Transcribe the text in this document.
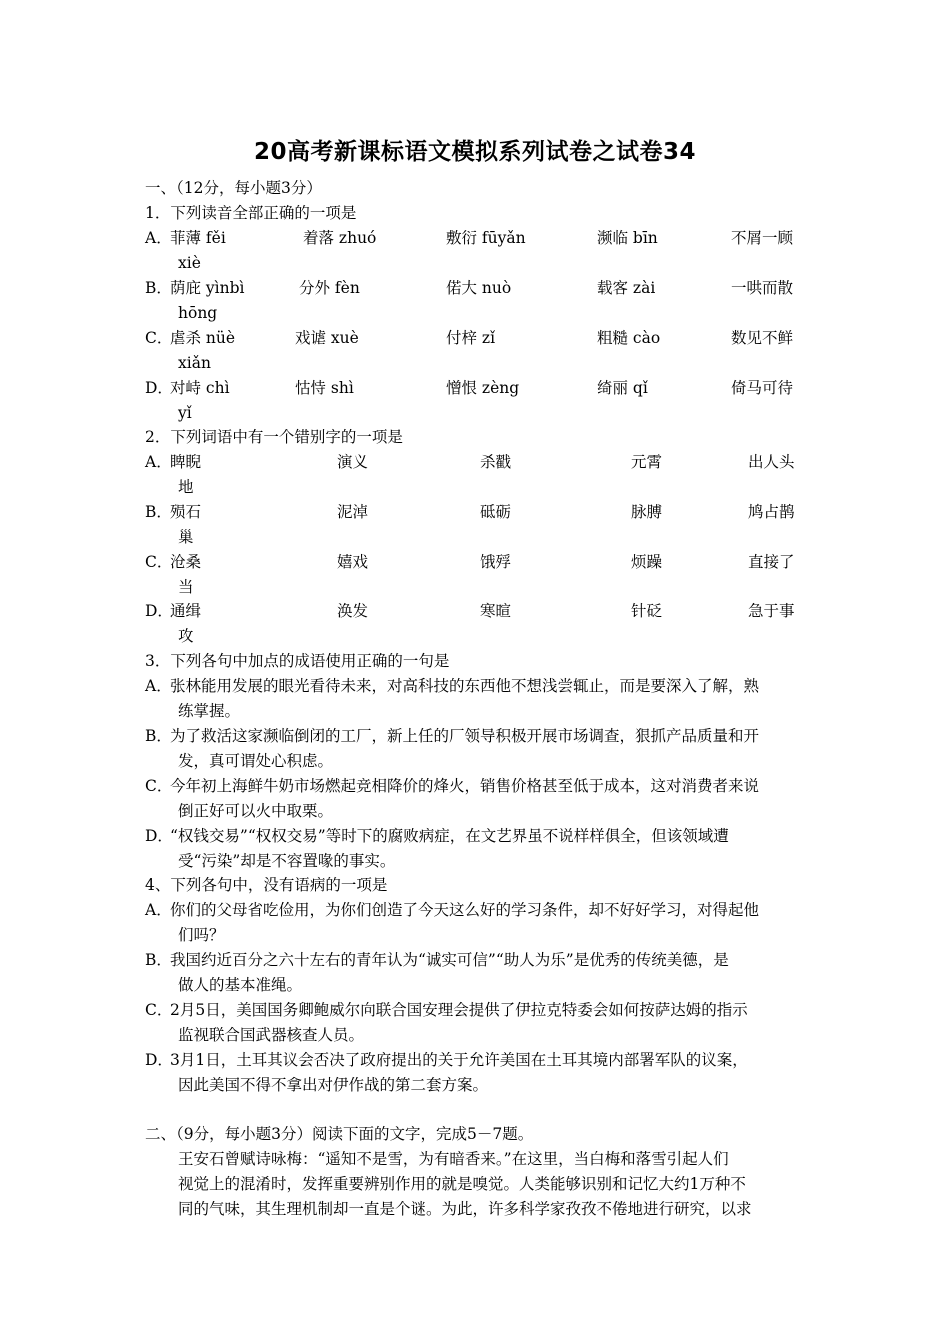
20高考新课标语文模拟系列试卷之试卷34
一、（12分，每小题3分）
1．下列读音全部正确的一项是
A．
菲薄 fěi	着落 zhuó	敷衍 fūyǎn	濒临 bīn	不屑一顾
xiè
B．
荫庇 yìnbì	分外 fèn	偌大 nuò	载客 zài	一哄而散
hōng
C．
虐杀 nüè	戏谑 xuè	付梓 zǐ	粗糙 cào	数见不鲜
xiǎn
D．
对峙 chì	怙恃 shì	憎恨 zèng	绮丽 qǐ	倚马可待
yǐ
2．下列词语中有一个错别字的一项是
A．
睥睨	演义	杀戳	元霄	出人头
地
B．
殒石	泥淖	砥砺	脉膊	鸠占鹊
巢
C．
沧桑	嬉戏	饿殍	烦躁	直接了
当
D．
通缉	涣发	寒暄	针砭	急于事
攻
3．下列各句中加点的成语使用正确的一句是
A．
张林能用发展的眼光看待未来，对高科技的东西他不想浅尝辄止，而是要深入了解，熟
练掌握。
B．
为了救活这家濒临倒闭的工厂，新上任的厂领导积极开展市场调查，狠抓产品质量和开
发，真可谓处心积虑。
C．
今年初上海鲜牛奶市场燃起竞相降价的烽火，销售价格甚至低于成本，这对消费者来说
倒正好可以火中取栗。
D．
“权钱交易”“权权交易”等时下的腐败病症，在文艺界虽不说样样俱全，但该领域遭
受“污染”却是不容置喙的事实。
4、下列各句中，没有语病的一项是
A．
你们的父母省吃俭用，为你们创造了今天这么好的学习条件，却不好好学习，对得起他
们吗？
B．
我国约近百分之六十左右的青年认为“诚实可信”“助人为乐”是优秀的传统美德，是
做人的基本准绳。
C．
2月5日，美国国务卿鲍威尔向联合国安理会提供了伊拉克特委会如何按萨达姆的指示
监视联合国武器核查人员。
D．
3月1日，土耳其议会否决了政府提出的关于允许美国在土耳其境内部署军队的议案，
因此美国不得不拿出对伊作战的第二套方案。
二、（9分，每小题3分）阅读下面的文字，完成5－7题。
王安石曾赋诗咏梅：“遥知不是雪，为有暗香来。”在这里，当白梅和落雪引起人们
视觉上的混淆时，发挥重要辨别作用的就是嗅觉。人类能够识别和记忆大约1万种不
同的气味，其生理机制却一直是个谜。为此，许多科学家孜孜不倦地进行研究，以求
